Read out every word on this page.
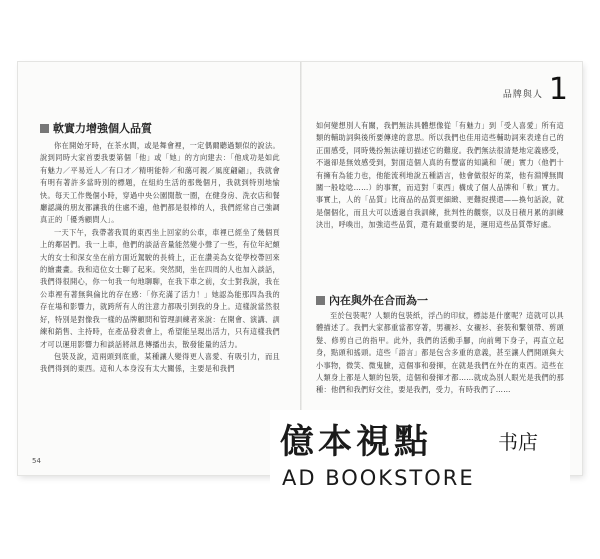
軟實力增強個人品質

你在開始牙時，在茶水間，或是舞會裡，一定偶爾聽過類似的說法。說到同時大家首要我要第個「他」或「她」的方向建去：「他成功是如此有魅力／平易近人／有口才／精明能幹／和藹可親／風度翩翩」，我就會有明有著許多當時別的標題，在組約生活的那幾個月，我就到特別地愉快。每天工作幾個小時，穿過中央公園閒散一圈，在健身房、洗衣店和餐廳認識的朋友都讓我的住處不遠，他們都是很棒的人，我們經常自己強調真正的「優秀顧問人」。

一天下午，我帶著我買的東西坐上回家的公車，車裡已經坐了幾個頁上的鄰居們。我一上車，他們的談話音量能然變小聲了一些，有位年紀頗大的女士和深女坐在前方面近駕駛的長椅上，正在讚美為女從學校帶回來的繪畫畫。我和這位女士聊了起來。突然間，坐在四周的人也加入談話，我們得很開心，你一句我一句地聊聊，在我下車之前，女士對我說，我在公車裡有著無與倫比的存在感：「你充滿了活力！」她認為能那四為我的存在場和影響力，就跨所有人的注意力都吸引到我的身上。這樣說當然很好，特別是對像我一樣的品牌顧問和管理訓練者來說：在開會、演講、訓練和銷售、主持時，在產品發表會上，希望能呈現出活力，只有這樣我們才可以運用影響力和談話將訊息傳播出去，散發能量的活力。

包裝及說，這兩頭到底重，某種讓人變得更人喜愛、有吸引力，而且我們得到的東西。這和人本身沒有太大關係，主要是和我們

54
品牌與人 1

如何變想別人有關，我們無法具體想像從「有魅力」到「受人喜愛」所有這類的輔助詞與後所要傳達的意思。所以我們也佳用這些輔助詞來表達自己的正面感受，同時幾扮無法確切描述它的難度。我們無法很清楚地定義感受，不過卻是無效感受到，對面這個人真的有豐富的知識和「硬」實力（他們十有擁有為能力也，他能流利地說五種語言，他會做很好的菜，他有淵博無間關一般唸唸……）的事實，而這對「東西」構成了個人品牌和「軟」實力。事實上，人的「品質」比商品的品質更細緻、更難捉摸還——換句話說，就是個個化，而且大可以透過自我訓練，批判性的觀察，以及日積月累的訓練決出，呼喚出，加強這些品質，還有最重要的是，運用這些品質帶好處。

內在與外在合而為一

至於包裝呢？人類的包裝紙，浮凸的印紋，標誌是什麼呢？這就可以具體描述了。我們大家都重當都穿著，男襯衫、女襯衫、套裝和繫領帶、剪頭髮、修剪自己的指甲。此外，我們的活動手腳，向前彎下身子，再直立起身，點頭和搖頭。這些「語言」都是包含多重的意義，甚至讓人們開頭與大小事物，微笑、微鬼臉，這個事和發揮，在就是我們在外在的東西。這些在人類身上都是人類的包裝，這個和發揮才都……就成為別人眼光是我們的那種：他們和我們好交往，要是我們，受力，有時我們了……

億本視點	书店
AD BOOKSTORE
